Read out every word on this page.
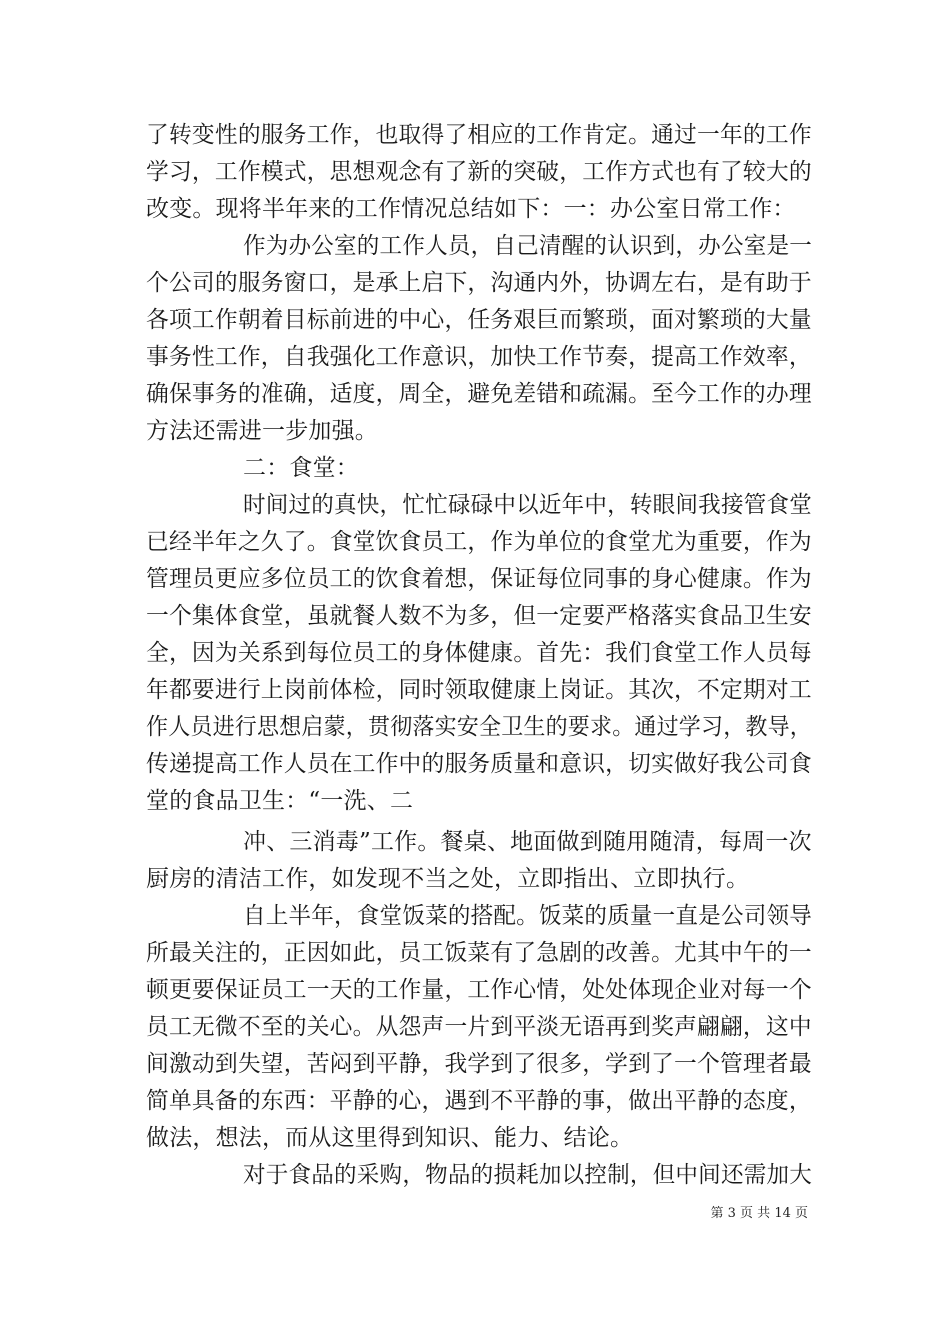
了转变性的服务工作，也取得了相应的工作肯定。通过一年的工作
学习，工作模式，思想观念有了新的突破，工作方式也有了较大的
改变。现将半年来的工作情况总结如下：一：办公室日常工作：
作为办公室的工作人员，自己清醒的认识到，办公室是一
个公司的服务窗口，是承上启下，沟通内外，协调左右，是有助于
各项工作朝着目标前进的中心，任务艰巨而繁琐，面对繁琐的大量
事务性工作，自我强化工作意识，加快工作节奏，提高工作效率，
确保事务的准确，适度，周全，避免差错和疏漏。至今工作的办理
方法还需进一步加强。
二：食堂：
时间过的真快，忙忙碌碌中以近年中，转眼间我接管食堂
已经半年之久了。食堂饮食员工，作为单位的食堂尤为重要，作为
管理员更应多位员工的饮食着想，保证每位同事的身心健康。作为
一个集体食堂，虽就餐人数不为多，但一定要严格落实食品卫生安
全，因为关系到每位员工的身体健康。首先：我们食堂工作人员每
年都要进行上岗前体检，同时领取健康上岗证。其次，不定期对工
作人员进行思想启蒙，贯彻落实安全卫生的要求。通过学习，教导，
传递提高工作人员在工作中的服务质量和意识，切实做好我公司食
堂的食品卫生：“一洗、二
冲、三消毒”工作。餐桌、地面做到随用随清，每周一次
厨房的清洁工作，如发现不当之处，立即指出、立即执行。
自上半年，食堂饭菜的搭配。饭菜的质量一直是公司领导
所最关注的，正因如此，员工饭菜有了急剧的改善。尤其中午的一
顿更要保证员工一天的工作量，工作心情，处处体现企业对每一个
员工无微不至的关心。从怨声一片到平淡无语再到奖声翩翩，这中
间激动到失望，苦闷到平静，我学到了很多，学到了一个管理者最
简单具备的东西：平静的心，遇到不平静的事，做出平静的态度，
做法，想法，而从这里得到知识、能力、结论。
对于食品的采购，物品的损耗加以控制，但中间还需加大
第 3 页 共 14 页
